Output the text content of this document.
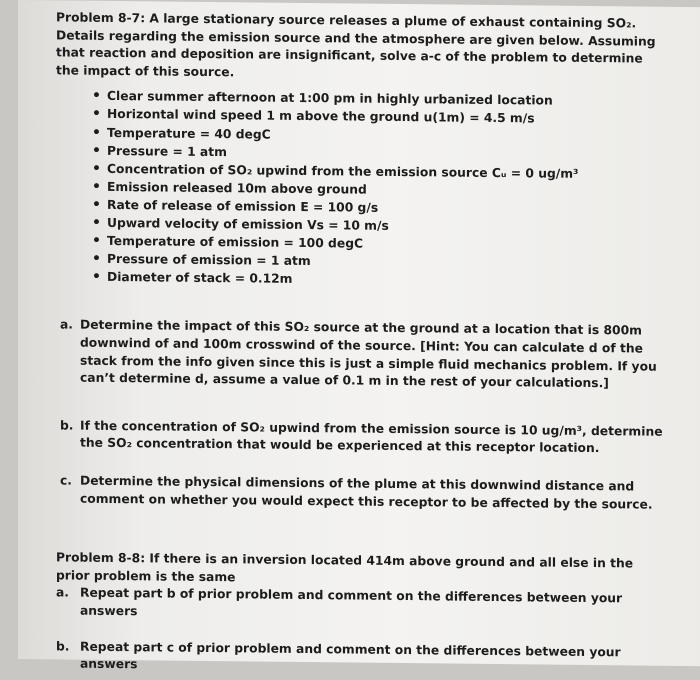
Problem 8-7: A large stationary source releases a plume of exhaust containing SO₂. Details regarding the emission source and the atmosphere are given below. Assuming that reaction and deposition are insignificant, solve a-c of the problem to determine the impact of this source.

• Clear summer afternoon at 1:00 pm in highly urbanized location
• Horizontal wind speed 1 m above the ground u(1m) = 4.5 m/s
• Temperature = 40 degC
• Pressure = 1 atm
• Concentration of SO₂ upwind from the emission source Cᵤ = 0 ug/m³
• Emission released 10m above ground
• Rate of release of emission E = 100 g/s
• Upward velocity of emission Vs = 10 m/s
• Temperature of emission = 100 degC
• Pressure of emission = 1 atm
• Diameter of stack = 0.12m
a. Determine the impact of this SO₂ source at the ground at a location that is 800m downwind of and 100m crosswind of the source. [Hint: You can calculate d of the stack from the info given since this is just a simple fluid mechanics problem. If you can’t determine d, assume a value of 0.1 m in the rest of your calculations.]
b. If the concentration of SO₂ upwind from the emission source is 10 ug/m³, determine the SO₂ concentration that would be experienced at this receptor location.
c. Determine the physical dimensions of the plume at this downwind distance and comment on whether you would expect this receptor to be affected by the source.
Problem 8-8: If there is an inversion located 414m above ground and all else in the prior problem is the same
a. Repeat part b of prior problem and comment on the differences between your answers
b. Repeat part c of prior problem and comment on the differences between your answers
